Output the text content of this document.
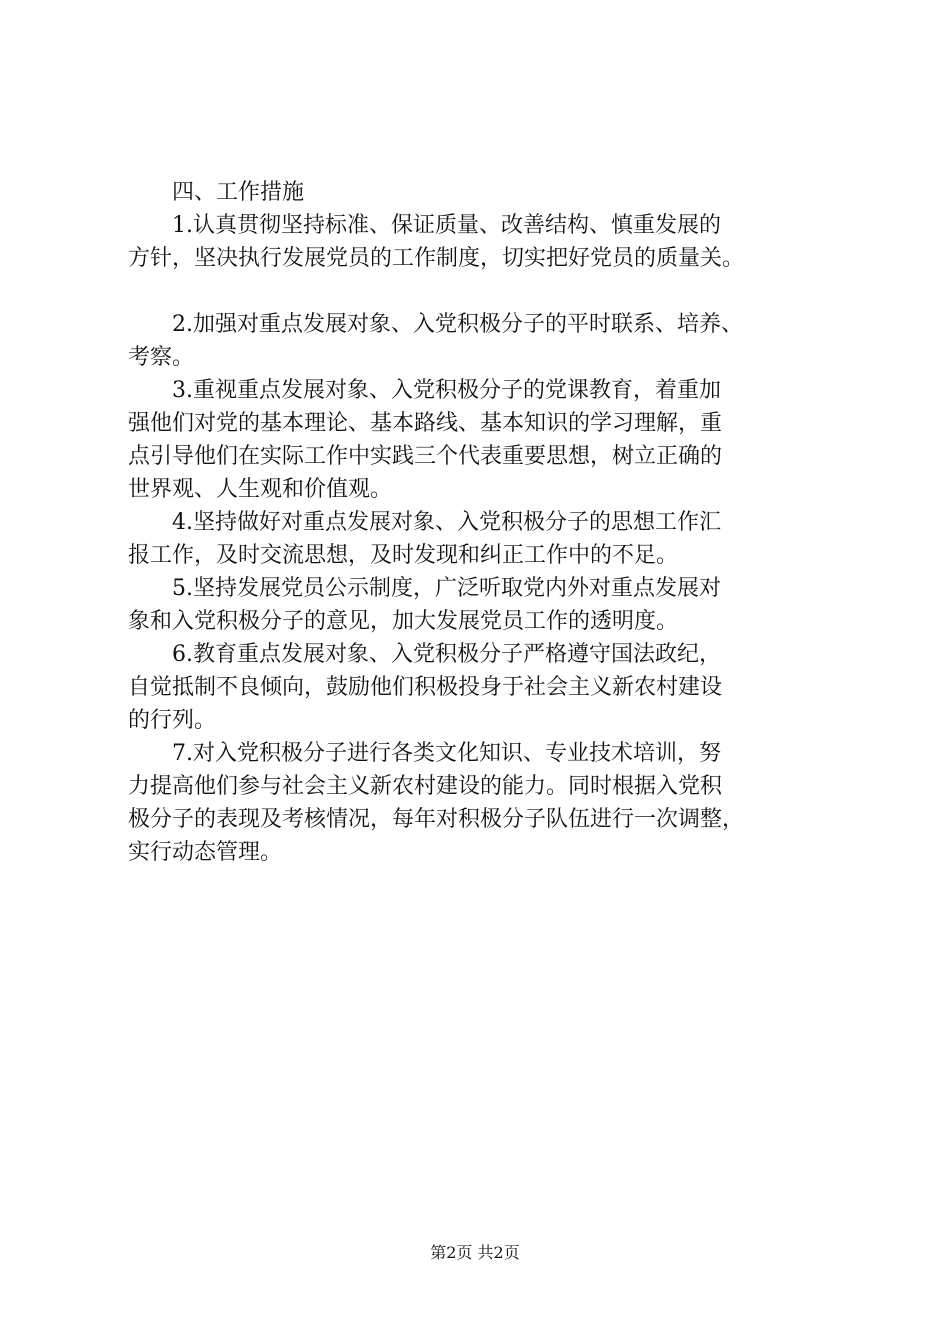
四、工作措施

1.认真贯彻坚持标准、保证质量、改善结构、慎重发展的
方针，坚决执行发展党员的工作制度，切实把好党员的质量关。

2.加强对重点发展对象、入党积极分子的平时联系、培养、
考察。

3.重视重点发展对象、入党积极分子的党课教育，着重加
强他们对党的基本理论、基本路线、基本知识的学习理解，重
点引导他们在实际工作中实践三个代表重要思想，树立正确的
世界观、人生观和价值观。

4.坚持做好对重点发展对象、入党积极分子的思想工作汇
报工作，及时交流思想，及时发现和纠正工作中的不足。

5.坚持发展党员公示制度，广泛听取党内外对重点发展对
象和入党积极分子的意见，加大发展党员工作的透明度。

6.教育重点发展对象、入党积极分子严格遵守国法政纪，
自觉抵制不良倾向，鼓励他们积极投身于社会主义新农村建设
的行列。

7.对入党积极分子进行各类文化知识、专业技术培训，努
力提高他们参与社会主义新农村建设的能力。同时根据入党积
极分子的表现及考核情况，每年对积极分子队伍进行一次调整，
实行动态管理。

第2页 共2页
